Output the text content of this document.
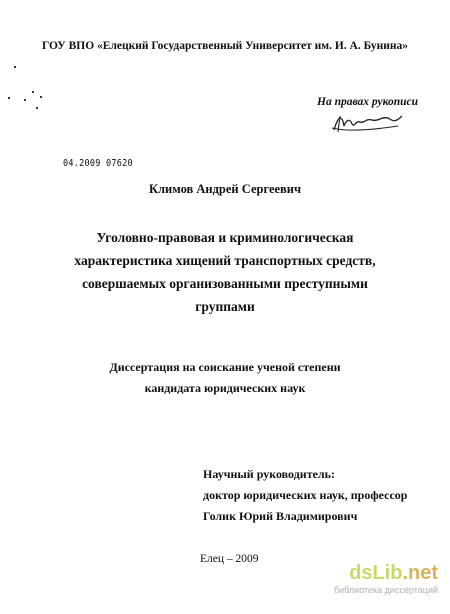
ГОУ ВПО «Елецкий Государственный Университет им. И. А. Бунина»
На правах рукописи
04.2009 07620
Климов Андрей Сергеевич
Уголовно-правовая и криминологическая
характеристика хищений транспортных средств,
совершаемых организованными преступными
группами
Диссертация на соискание ученой степени
кандидата юридических наук
Научный руководитель:
доктор юридических наук, профессор
Голик Юрий Владимирович
Елец – 2009
dsLib.net
библиотека диссертаций
